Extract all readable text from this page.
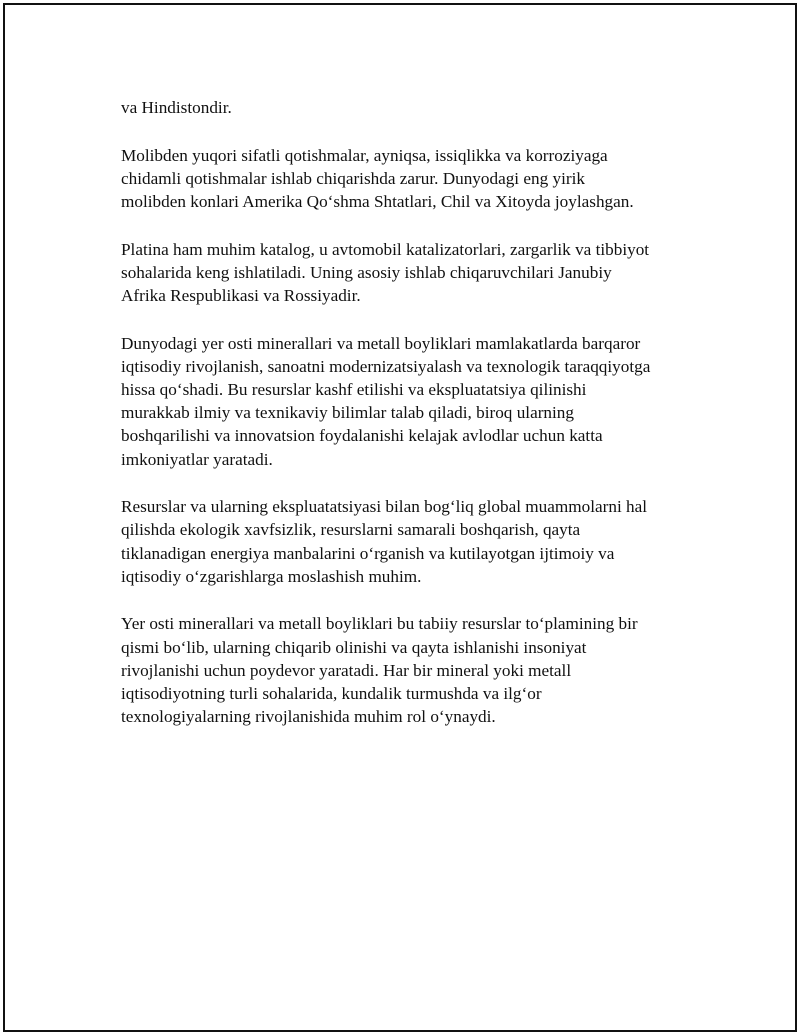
va Hindistondir.

Molibden yuqori sifatli qotishmalar, ayniqsa, issiqlikka va korroziyaga
chidamli qotishmalar ishlab chiqarishda zarur. Dunyodagi eng yirik
molibden konlari Amerika Qo‘shma Shtatlari, Chil va Xitoyda joylashgan.

Platina ham muhim katalog, u avtomobil katalizatorlari, zargarlik va tibbiyot
sohalarida keng ishlatiladi. Uning asosiy ishlab chiqaruvchilari Janubiy
Afrika Respublikasi va Rossiyadir.

Dunyodagi yer osti minerallari va metall boyliklari mamlakatlarda barqaror
iqtisodiy rivojlanish, sanoatni modernizatsiyalash va texnologik taraqqiyotga
hissa qo‘shadi. Bu resurslar kashf etilishi va ekspluatatsiya qilinishi
murakkab ilmiy va texnikaviy bilimlar talab qiladi, biroq ularning
boshqarilishi va innovatsion foydalanishi kelajak avlodlar uchun katta
imkoniyatlar yaratadi.

Resurslar va ularning ekspluatatsiyasi bilan bog‘liq global muammolarni hal
qilishda ekologik xavfsizlik, resurslarni samarali boshqarish, qayta
tiklanadigan energiya manbalarini o‘rganish va kutilayotgan ijtimoiy va
iqtisodiy o‘zgarishlarga moslashish muhim.

Yer osti minerallari va metall boyliklari bu tabiiy resurslar to‘plamining bir
qismi bo‘lib, ularning chiqarib olinishi va qayta ishlanishi insoniyat
rivojlanishi uchun poydevor yaratadi. Har bir mineral yoki metall
iqtisodiyotning turli sohalarida, kundalik turmushda va ilg‘or
texnologiyalarning rivojlanishida muhim rol o‘ynaydi.
